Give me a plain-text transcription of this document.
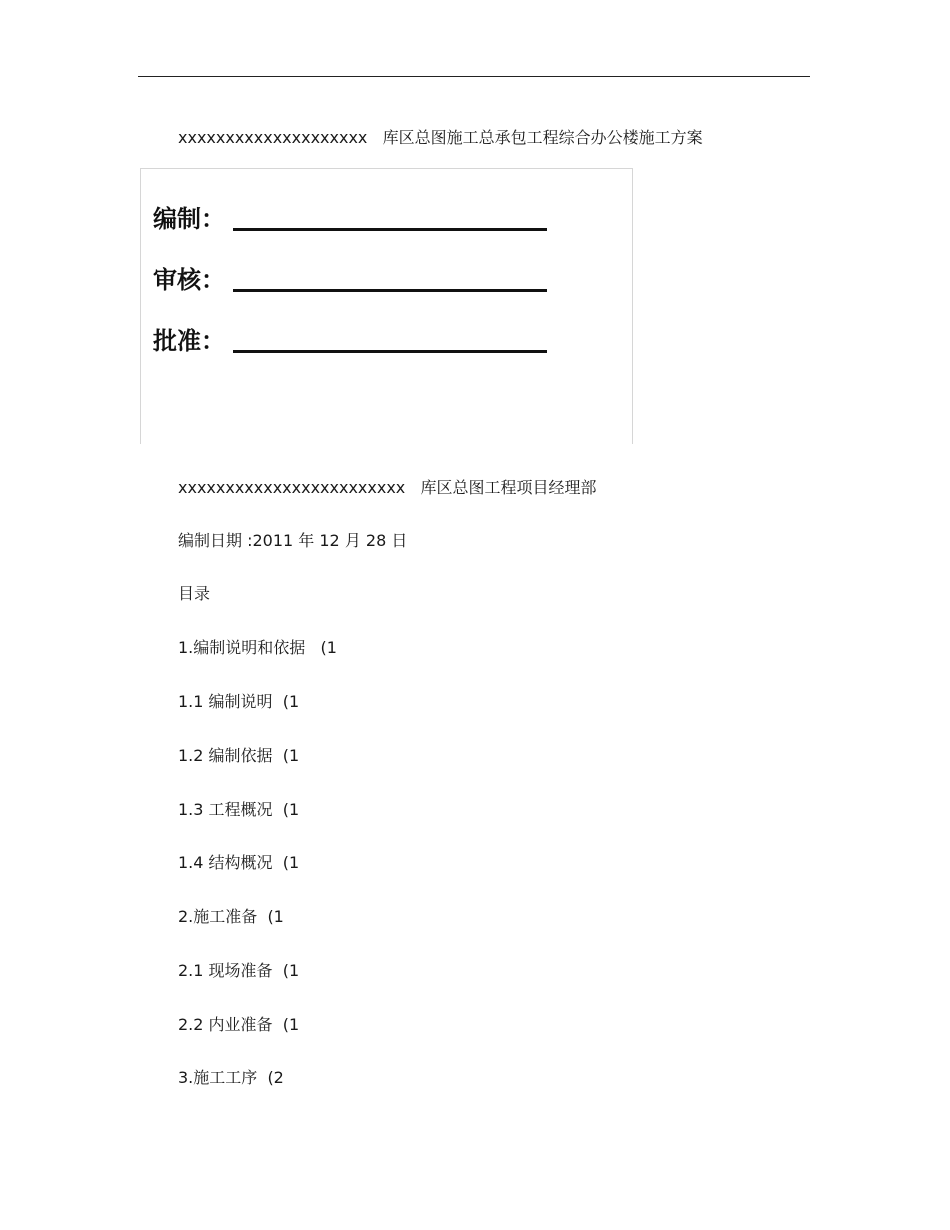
xxxxxxxxxxxxxxxxxxxx   库区总图施工总承包工程综合办公楼施工方案
编制：
审核：
批准：
xxxxxxxxxxxxxxxxxxxxxxxx   库区总图工程项目经理部
编制日期 :2011 年 12 月 28 日
目录
1.编制说明和依据   (1
1.1 编制说明  (1
1.2 编制依据  (1
1.3 工程概况  (1
1.4 结构概况  (1
2.施工准备  (1
2.1 现场准备  (1
2.2 内业准备  (1
3.施工工序  (2
